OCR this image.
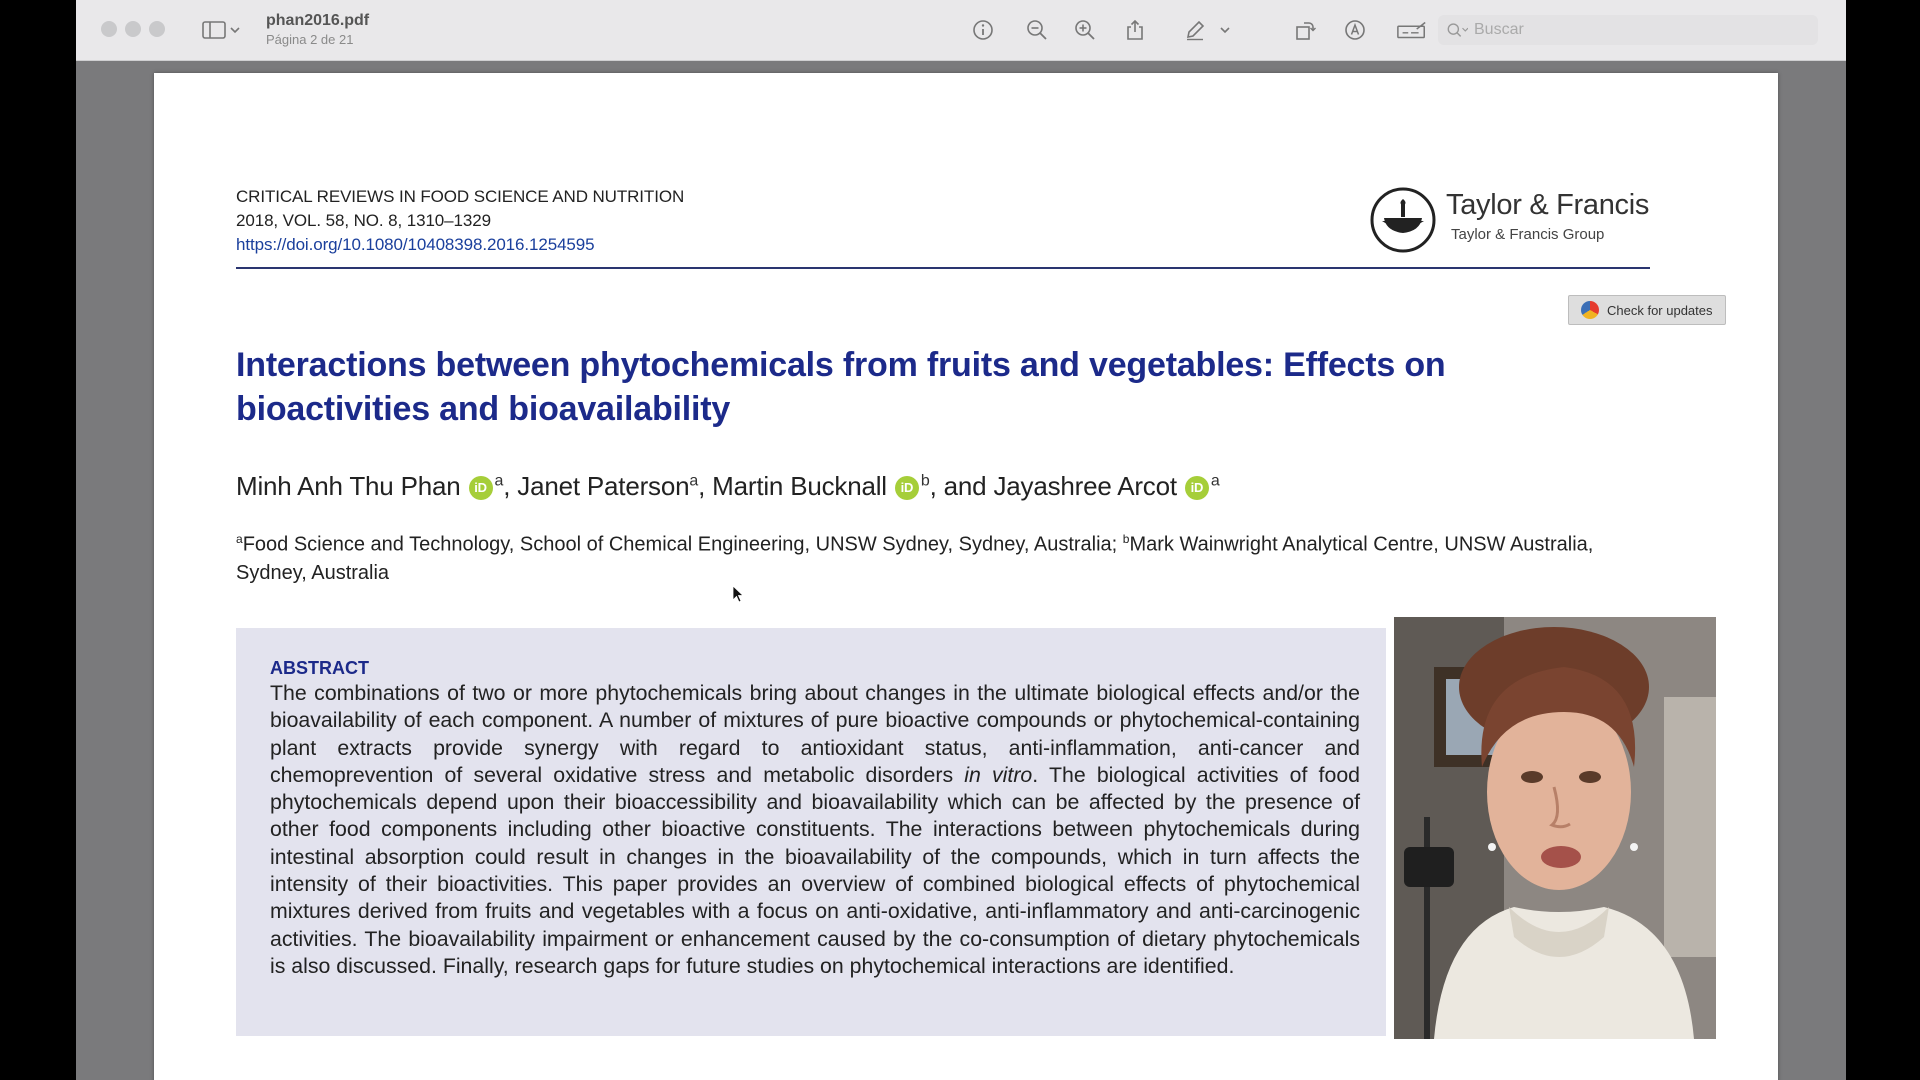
phan2016.pdf
Página 2 de 21
Buscar
CRITICAL REVIEWS IN FOOD SCIENCE AND NUTRITION
2018, VOL. 58, NO. 8, 1310–1329
https://doi.org/10.1080/10408398.2016.1254595
Taylor & Francis
Taylor & Francis Group
Check for updates
Interactions between phytochemicals from fruits and vegetables: Effects on bioactivities and bioavailability
Minh Anh Thu Phan iD $^a$, Janet Paterson$^a$, Martin Bucknall iD $^b$, and Jayashree Arcot iD $^a$
$^a$Food Science and Technology, School of Chemical Engineering, UNSW Sydney, Sydney, Australia; $^b$Mark Wainwright Analytical Centre, UNSW Australia, Sydney, Australia
ABSTRACT
The combinations of two or more phytochemicals bring about changes in the ultimate biological effects and/or the bioavailability of each component. A number of mixtures of pure bioactive compounds or phytochemical-containing plant extracts provide synergy with regard to antioxidant status, anti-inflammation, anti-cancer and chemoprevention of several oxidative stress and metabolic disorders in vitro. The biological activities of food phytochemicals depend upon their bioaccessibility and bioavailability which can be affected by the presence of other food components including other bioactive constituents. The interactions between phytochemicals during intestinal absorption could result in changes in the bioavailability of the compounds, which in turn affects the intensity of their bioactivities. This paper provides an overview of combined biological effects of phytochemical mixtures derived from fruits and vegetables with a focus on anti-oxidative, anti-inflammatory and anti-carcinogenic activities. The bioavailability impairment or enhancement caused by the co-consumption of dietary phytochemicals is also discussed. Finally, research gaps for future studies on phytochemical interactions are identified.
